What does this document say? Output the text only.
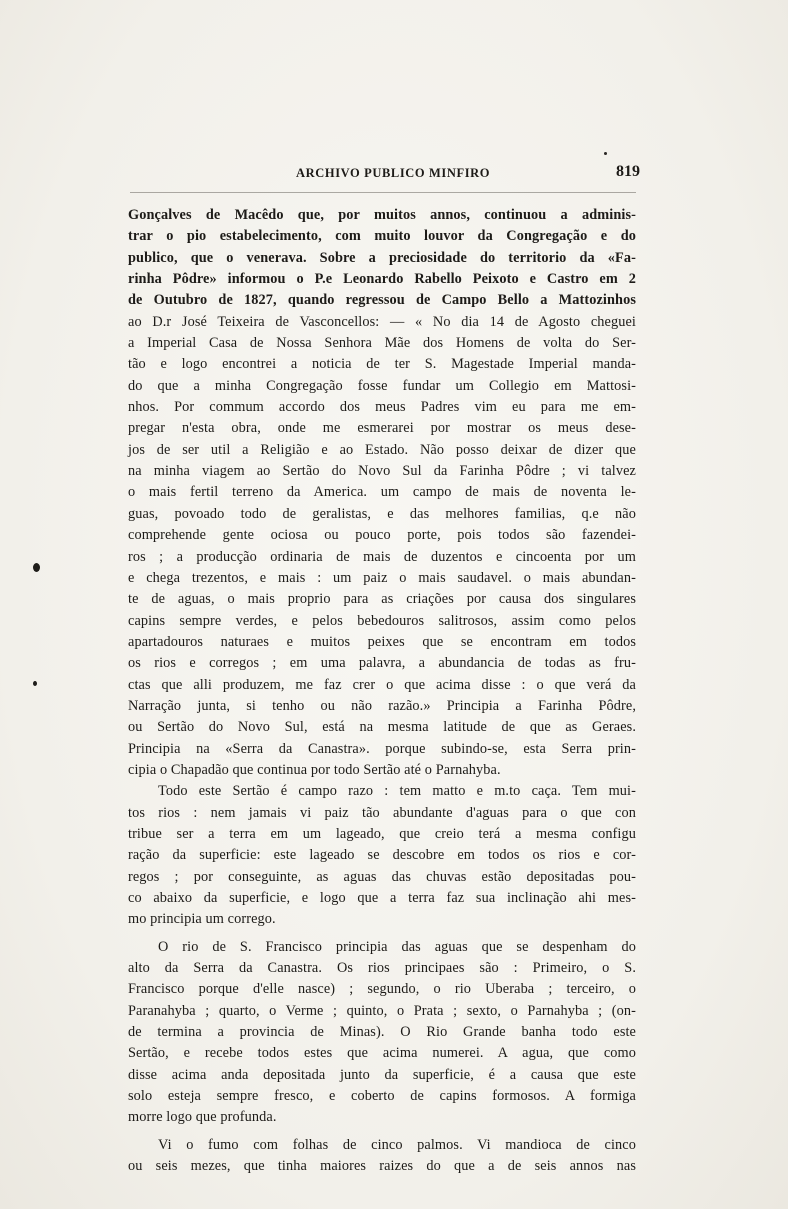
ARCHIVO PUBLICO MINFIRO	819
Gonçalves de Macêdo que, por muitos annos, continuou a adminis-
trar o pio estabelecimento, com muito louvor da Congregação e do
publico, que o venerava. Sobre a preciosidade do territorio da «Fa-
rinha Pôdre» informou o P.e Leonardo Rabello Peixoto e Castro em 2
de Outubro de 1827, quando regressou de Campo Bello a Mattozinhos
ao D.r José Teixeira de Vasconcellos: — « No dia 14 de Agosto cheguei
a Imperial Casa de Nossa Senhora Mãe dos Homens de volta do Ser-
tão e logo encontrei a noticia de ter S. Magestade Imperial manda-
do que a minha Congregação fosse fundar um Collegio em Mattosi-
nhos. Por commum accordo dos meus Padres vim eu para me em-
pregar n'esta obra, onde me esmerarei por mostrar os meus dese-
jos de ser util a Religião e ao Estado. Não posso deixar de dizer que
na minha viagem ao Sertão do Novo Sul da Farinha Pôdre ; vi talvez
o mais fertil terreno da America. um campo de mais de noventa le-
guas, povoado todo de geralistas, e das melhores familias, q.e não
comprehende gente ociosa ou pouco porte, pois todos são fazendei-
ros ; a producção ordinaria de mais de duzentos e cincoenta por um
e chega trezentos, e mais : um paiz o mais saudavel. o mais abundan-
te de aguas, o mais proprio para as criações por causa dos singulares
capins sempre verdes, e pelos bebedouros salitrosos, assim como pelos
apartadouros naturaes e muitos peixes que se encontram em todos
os rios e corregos ; em uma palavra, a abundancia de todas as fru-
ctas que alli produzem, me faz crer o que acima disse : o que verá da
Narração junta, si tenho ou não razão.» Principia a Farinha Pôdre,
ou Sertão do Novo Sul, está na mesma latitude de que as Geraes.
Principia na «Serra da Canastra». porque subindo-se, esta Serra prin-
cipia o Chapadão que continua por todo Sertão até o Parnahyba.
Todo este Sertão é campo razo : tem matto e m.to caça. Tem mui-
tos rios : nem jamais vi paiz tão abundante d'aguas para o que con
tribue ser a terra em um lageado, que creio terá a mesma configu
ração da superficie: este lageado se descobre em todos os rios e cor-
regos ; por conseguinte, as aguas das chuvas estão depositadas pou-
co abaixo da superficie, e logo que a terra faz sua inclinação ahi mes-
mo principia um corrego.
O rio de S. Francisco principia das aguas que se despenham do
alto da Serra da Canastra. Os rios principaes são : Primeiro, o S.
Francisco porque d'elle nasce) ; segundo, o rio Uberaba ; terceiro, o
Paranahyba ; quarto, o Verme ; quinto, o Prata ; sexto, o Parnahyba ; (on-
de termina a provincia de Minas). O Rio Grande banha todo este
Sertão, e recebe todos estes que acima numerei. A agua, que como
disse acima anda depositada junto da superficie, é a causa que este
solo esteja sempre fresco, e coberto de capins formosos. A formiga
morre logo que profunda.
Vi o fumo com folhas de cinco palmos. Vi mandioca de cinco
ou seis mezes, que tinha maiores raizes do que a de seis annos nas
